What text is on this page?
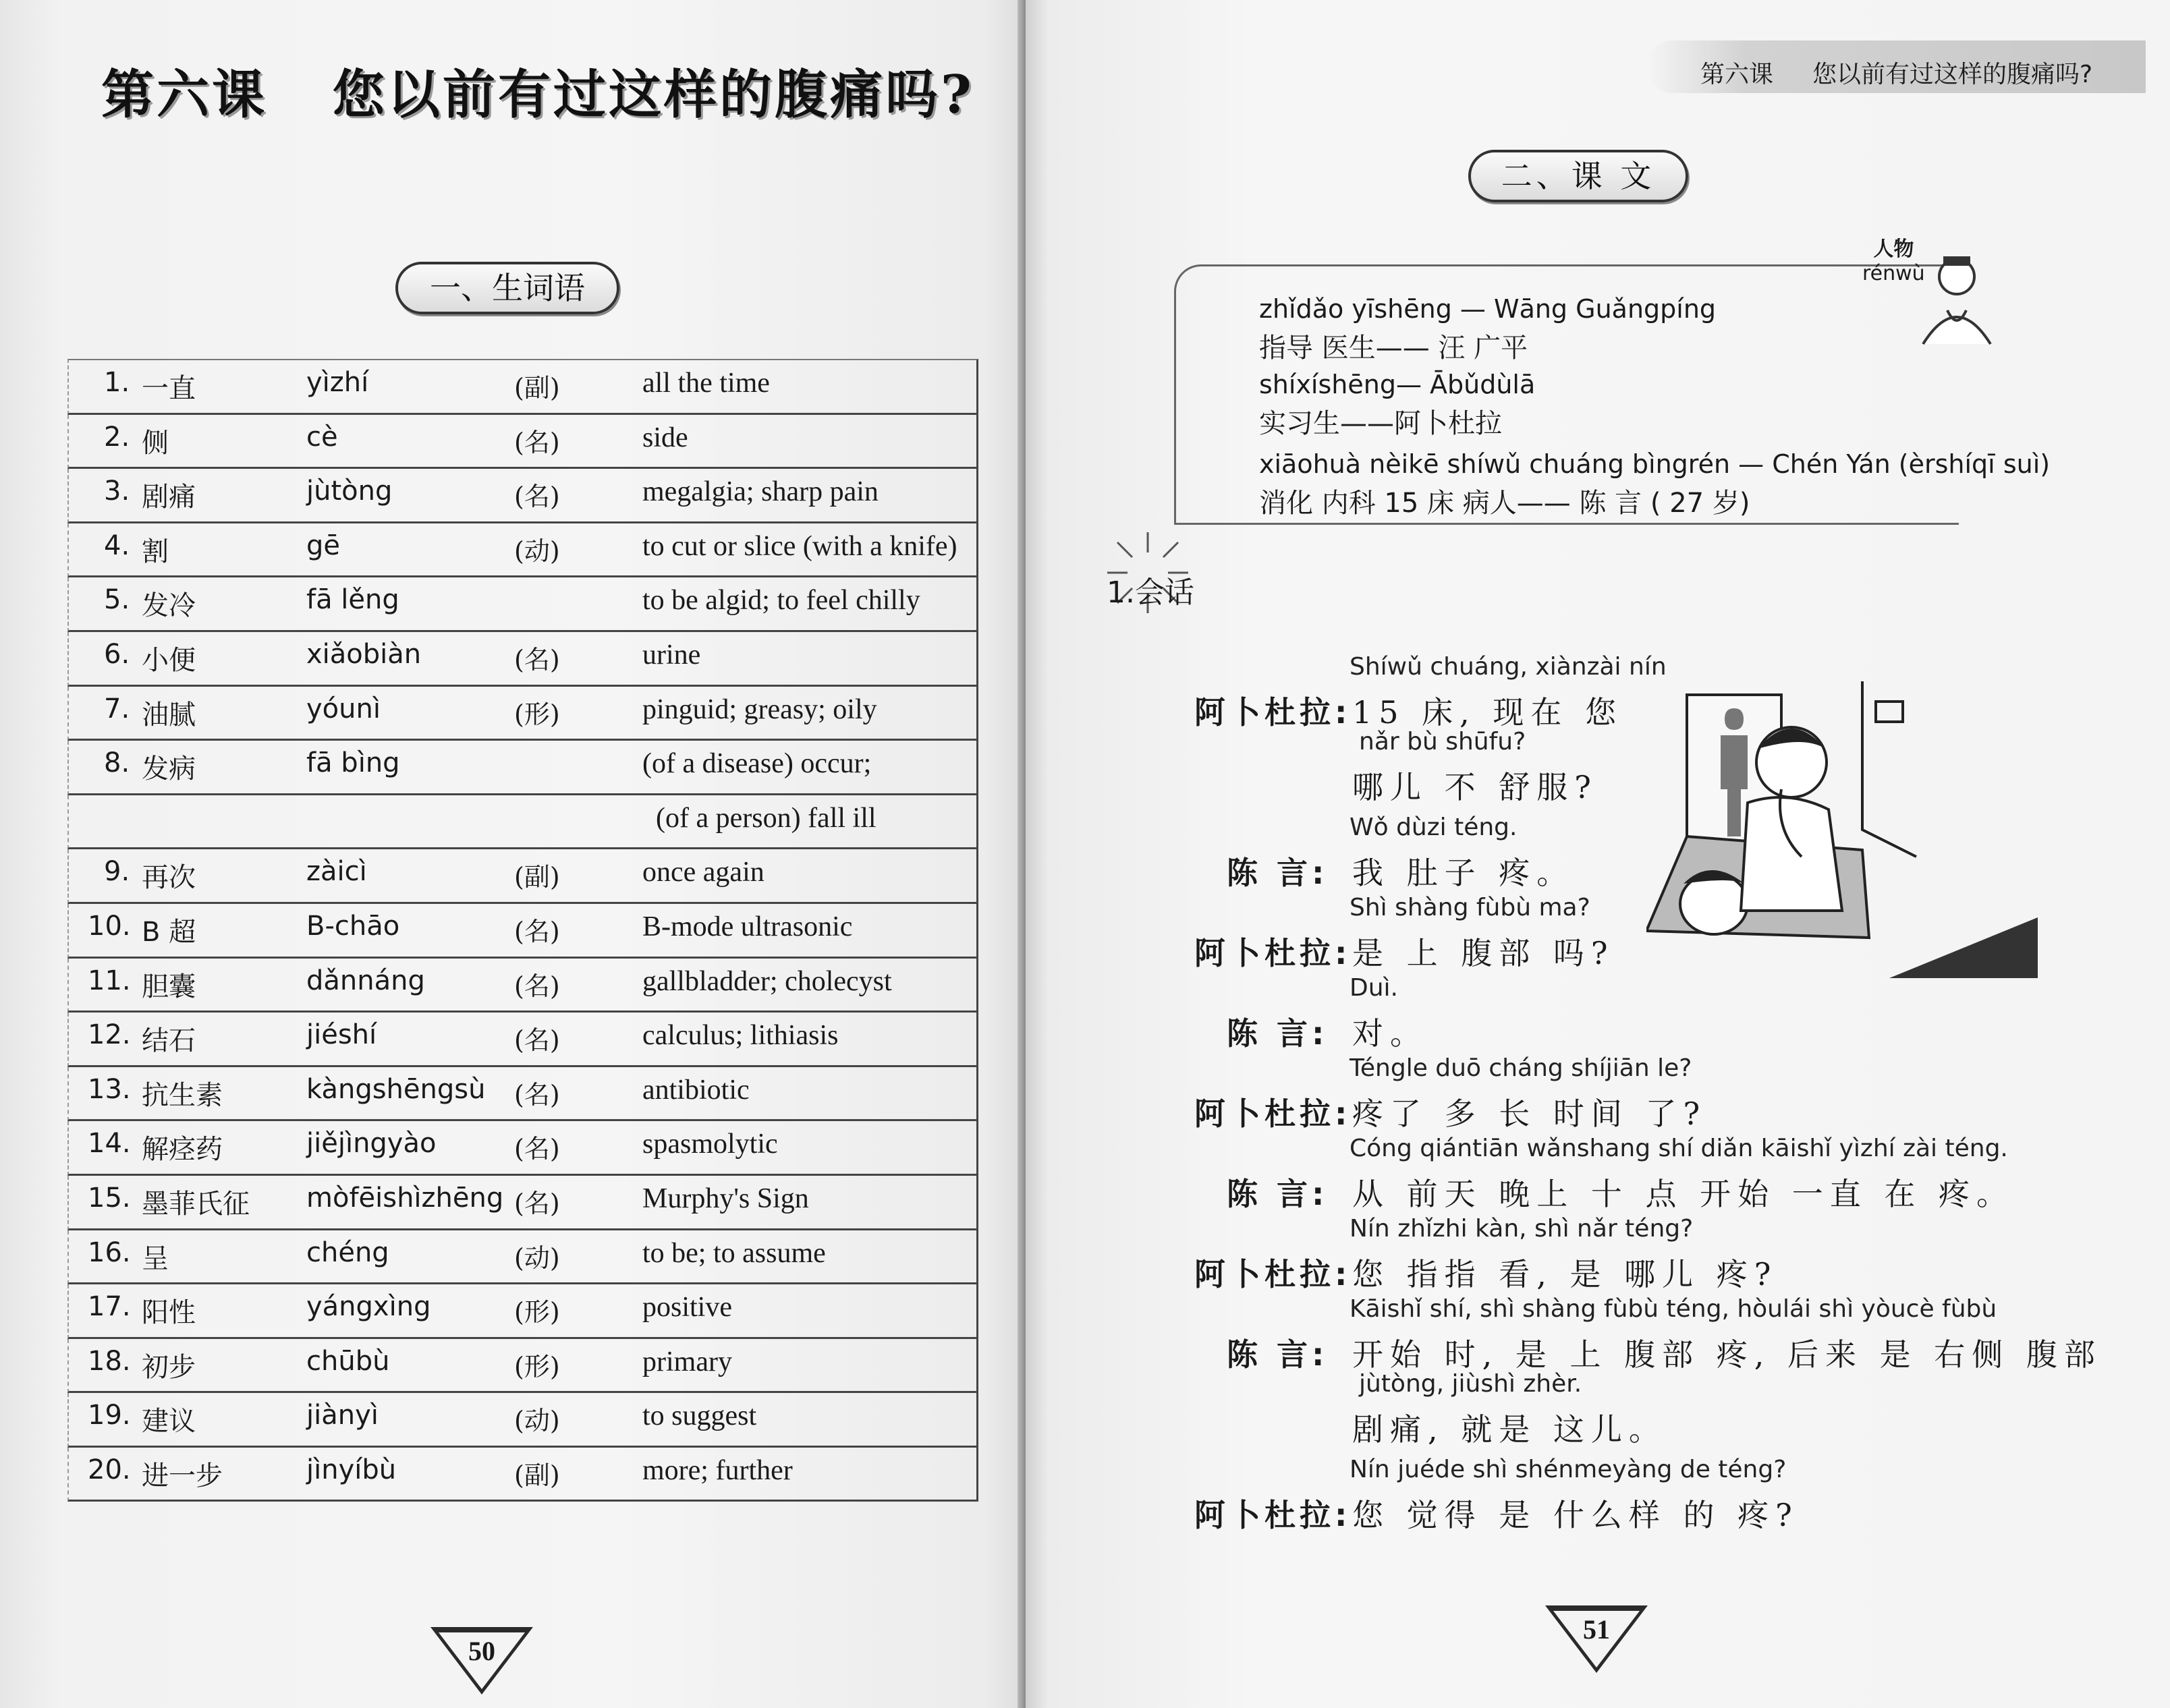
第六课 您以前有过这样的腹痛吗?
一、生词语
1. 一直	yìzhí	(副)	all the time
2. 侧	cè	(名)	side
3. 剧痛	jùtòng	(名)	megalgia; sharp pain
4. 割	gē	(动)	to cut or slice (with a knife)
5. 发冷	fā lěng	to be algid; to feel chilly
6. 小便	xiǎobiàn	(名)	urine
7. 油腻	yóunì	(形)	pinguid; greasy; oily
8. 发病	fā bìng	(of a disease) occur;
(of a person) fall ill
9. 再次	zàicì	(副)	once again
10. B 超	B-chāo	(名)	B-mode ultrasonic
11. 胆囊	dǎnnáng	(名)	gallbladder; cholecyst
12. 结石	jiéshí	(名)	calculus; lithiasis
13. 抗生素	kàngshēngsù (名)	antibiotic
14. 解痉药	jiějìngyào	(名)	spasmolytic
15. 墨菲氏征 mòfēishìzhēng (名)	Murphy's Sign
16. 呈	chéng	(动)	to be; to assume
17. 阳性	yángxìng	(形)	positive
18. 初步	chūbù	(形)	primary
19. 建议	jiànyì	(动)	to suggest
20. 进一步	jìnyíbù	(副)	more; further
50
第六课 您以前有过这样的腹痛吗?
二、课 文
人物
rénwù
zhǐdǎo yīshēng — Wāng Guǎngpíng
指导 医生—— 汪 广平
shíxíshēng— Ābǔdùlā
实习生——阿卜杜拉
xiāohuà nèikē shíwǔ chuáng bìngrén — Chén Yán (èrshíqī suì)
消化 内科 15 床 病人—— 陈 言 ( 27 岁)
1.会话
Shíwǔ chuáng, xiànzài nín
阿卜杜拉: 15 床, 现在 您
nǎr bù shūfu?
哪儿 不 舒服?
Wǒ dùzi téng.
陈 言: 我 肚子 疼。
Shì shàng fùbù ma?
阿卜杜拉: 是 上 腹部 吗?
Duì.
陈 言: 对。
Téngle duō cháng shíjiān le?
阿卜杜拉: 疼了 多 长 时间 了?
Cóng qiántiān wǎnshang shí diǎn kāishǐ yìzhí zài téng.
陈 言: 从 前天 晚上 十 点 开始 一直 在 疼。
Nín zhǐzhi kàn, shì nǎr téng?
阿卜杜拉: 您 指指 看, 是 哪儿 疼?
Kāishǐ shí, shì shàng fùbù téng, hòulái shì yòucè fùbù
陈 言: 开始 时, 是 上 腹部 疼, 后来 是 右侧 腹部
jùtòng, jiùshì zhèr.
剧痛, 就是 这儿。
Nín juéde shì shénmeyàng de téng?
阿卜杜拉: 您 觉得 是 什么样 的 疼?
51
